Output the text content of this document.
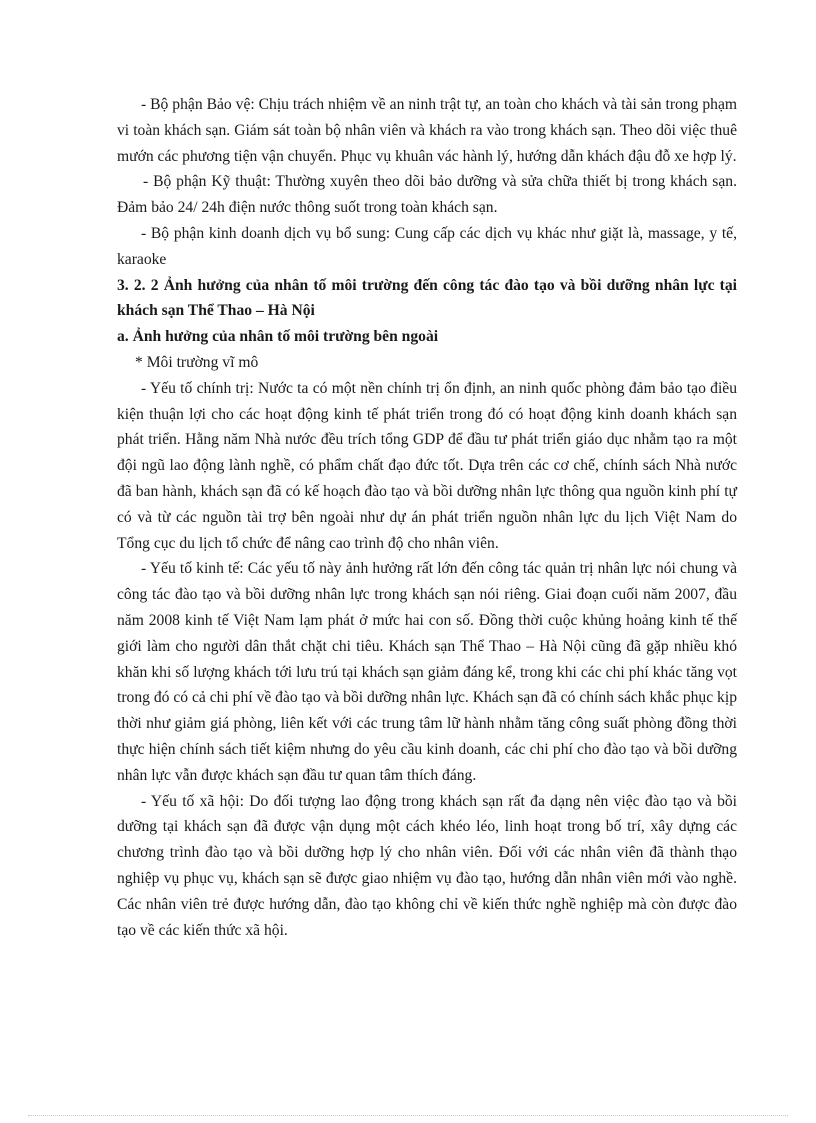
- Bộ phận Bảo vệ: Chịu trách nhiệm về an ninh trật tự, an toàn cho khách và tài sản trong phạm vi toàn khách sạn. Giám sát toàn bộ nhân viên và khách ra vào trong khách sạn. Theo dõi việc thuê mướn các phương tiện vận chuyển. Phục vụ khuân vác hành lý, hướng dẫn khách đậu đỗ xe hợp lý.

- Bộ phận Kỹ thuật: Thường xuyên theo dõi bảo dưỡng và sửa chữa thiết bị trong khách sạn. Đảm bảo 24/ 24h điện nước thông suốt trong toàn khách sạn.

- Bộ phận kinh doanh dịch vụ bổ sung: Cung cấp các dịch vụ khác như giặt là, massage, y tế, karaoke

3. 2. 2 Ảnh hưởng của nhân tố môi trường đến công tác đào tạo và bồi dưỡng nhân lực tại khách sạn Thể Thao – Hà Nội

a. Ảnh hưởng của nhân tố môi trường bên ngoài

* Môi trường vĩ mô

- Yếu tố chính trị: Nước ta có một nền chính trị ổn định, an ninh quốc phòng đảm bảo tạo điều kiện thuận lợi cho các hoạt động kinh tế phát triển trong đó có hoạt động kinh doanh khách sạn phát triển. Hằng năm Nhà nước đều trích tổng GDP để đầu tư phát triển giáo dục nhằm tạo ra một đội ngũ lao động lành nghề, có phẩm chất đạo đức tốt. Dựa trên các cơ chế, chính sách Nhà nước đã ban hành, khách sạn đã có kế hoạch đào tạo và bồi dưỡng nhân lực thông qua nguồn kinh phí tự có và từ các nguồn tài trợ bên ngoài như dự án phát triển nguồn nhân lực du lịch Việt Nam do Tổng cục du lịch tổ chức để nâng cao trình độ cho nhân viên.

- Yếu tố kinh tế: Các yếu tố này ảnh hưởng rất lớn đến công tác quản trị nhân lực nói chung và công tác đào tạo và bồi dưỡng nhân lực trong khách sạn nói riêng. Giai đoạn cuối năm 2007, đầu năm 2008 kinh tế Việt Nam lạm phát ở mức hai con số. Đồng thời cuộc khủng hoảng kinh tế thế giới làm cho người dân thắt chặt chi tiêu. Khách sạn Thể Thao – Hà Nội cũng đã gặp nhiều khó khăn khi số lượng khách tới lưu trú tại khách sạn giảm đáng kể, trong khi các chi phí khác tăng vọt trong đó có cả chi phí về đào tạo và bồi dưỡng nhân lực. Khách sạn đã có chính sách khắc phục kịp thời như giảm giá phòng, liên kết với các trung tâm lữ hành nhằm tăng công suất phòng đồng thời thực hiện chính sách tiết kiệm nhưng do yêu cầu kinh doanh, các chi phí cho đào tạo và bồi dưỡng nhân lực vẫn được khách sạn đầu tư quan tâm thích đáng.

- Yếu tố xã hội: Do đối tượng lao động trong khách sạn rất đa dạng nên việc đào tạo và bồi dưỡng tại khách sạn đã được vận dụng một cách khéo léo, linh hoạt trong bố trí, xây dựng các chương trình đào tạo và bồi dưỡng hợp lý cho nhân viên. Đối với các nhân viên đã thành thạo nghiệp vụ phục vụ, khách sạn sẽ được giao nhiệm vụ đào tạo, hướng dẫn nhân viên mới vào nghề. Các nhân viên trẻ được hướng dẫn, đào tạo không chỉ về kiến thức nghề nghiệp mà còn được đào tạo về các kiến thức xã hội.
